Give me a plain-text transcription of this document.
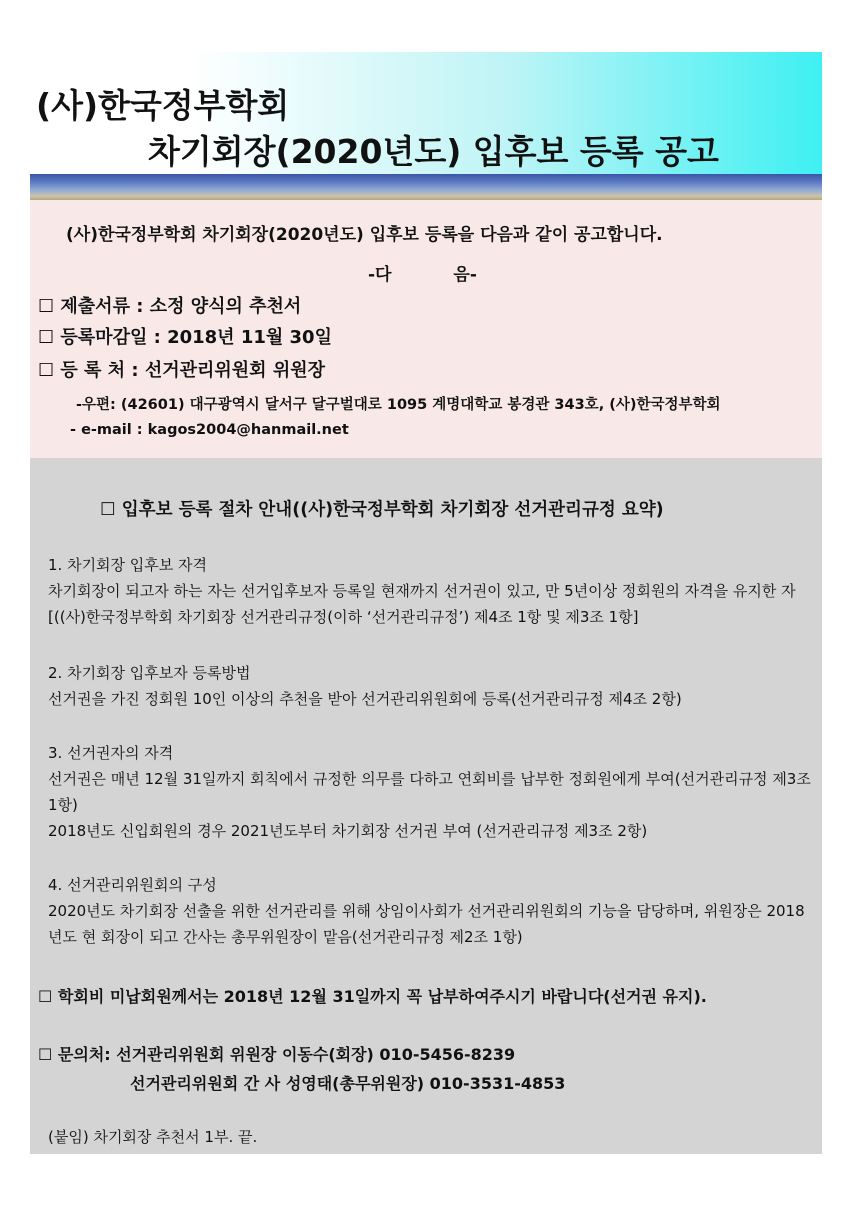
(사)한국정부학회
차기회장(2020년도) 입후보 등록 공고
(사)한국정부학회 차기회장(2020년도) 입후보 등록을 다음과 같이 공고합니다.
-다 음-
☐ 제출서류 : 소정 양식의 추천서
☐ 등록마감일 : 2018년 11월 30일
☐ 등 록 처 : 선거관리위원회 위원장
-우편: (42601) 대구광역시 달서구 달구벌대로 1095 계명대학교 봉경관 343호, (사)한국정부학회
- e-mail : kagos2004@hanmail.net
☐ 입후보 등록 절차 안내((사)한국정부학회 차기회장 선거관리규정 요약)
1. 차기회장 입후보 자격
차기회장이 되고자 하는 자는 선거입후보자 등록일 현재까지 선거권이 있고, 만 5년이상 정회원의 자격을 유지한 자[((사)한국정부학회 차기회장 선거관리규정(이하 ‘선거관리규정’) 제4조 1항 및 제3조 1항]
2. 차기회장 입후보자 등록방법
선거권을 가진 정회원 10인 이상의 추천을 받아 선거관리위원회에 등록(선거관리규정 제4조 2항)
3. 선거권자의 자격
선거권은 매년 12월 31일까지 회칙에서 규정한 의무를 다하고 연회비를 납부한 정회원에게 부여(선거관리규정 제3조 1항)
2018년도 신입회원의 경우 2021년도부터 차기회장 선거권 부여 (선거관리규정 제3조 2항)
4. 선거관리위원회의 구성
2020년도 차기회장 선출을 위한 선거관리를 위해 상임이사회가 선거관리위원회의 기능을 담당하며, 위원장은 2018년도 현 회장이 되고 간사는 총무위원장이 맡음(선거관리규정 제2조 1항)
☐ 학회비 미납회원께서는 2018년 12월 31일까지 꼭 납부하여주시기 바랍니다(선거권 유지).
☐ 문의처: 선거관리위원회 위원장 이동수(회장) 010-5456-8239
선거관리위원회 간 사 성영태(총무위원장) 010-3531-4853
(붙임) 차기회장 추천서 1부. 끝.
